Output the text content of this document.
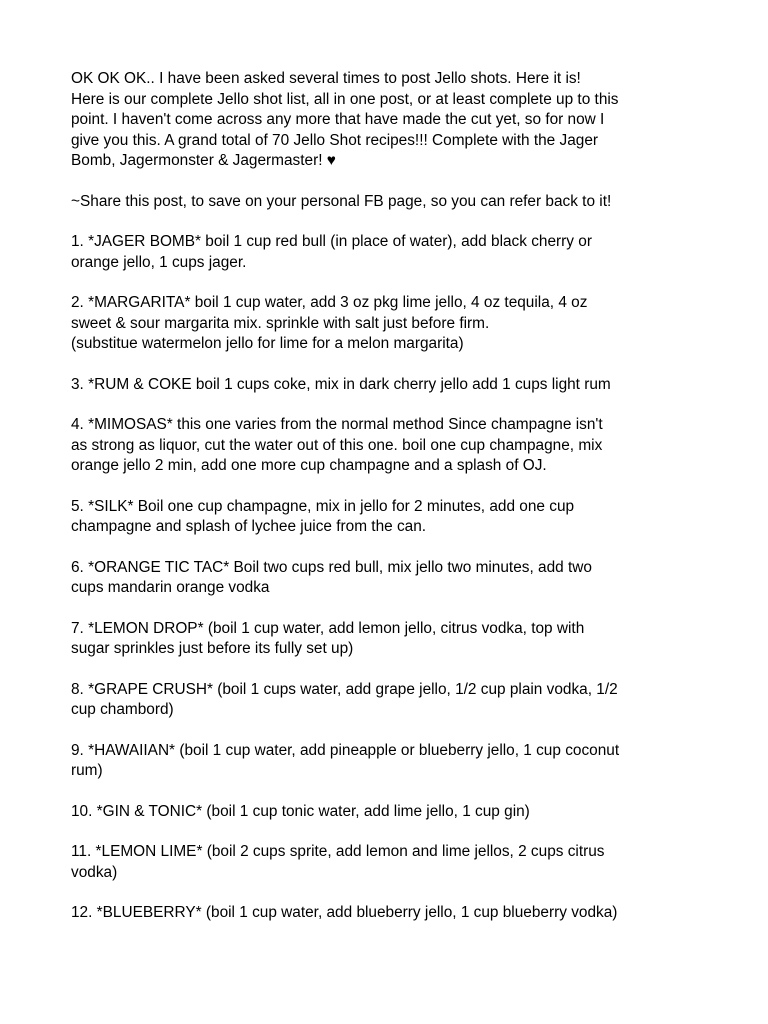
OK OK OK.. I have been asked several times to post Jello shots. Here it is!
Here is our complete Jello shot list, all in one post, or at least complete up to this
point. I haven't come across any more that have made the cut yet, so for now I
give you this. A grand total of 70 Jello Shot recipes!!! Complete with the Jager
Bomb, Jagermonster & Jagermaster! ♥

~Share this post, to save on your personal FB page, so you can refer back to it!

1. *JAGER BOMB* boil 1 cup red bull (in place of water), add black cherry or
orange jello, 1 cups jager.

2. *MARGARITA* boil 1 cup water, add 3 oz pkg lime jello, 4 oz tequila, 4 oz
sweet & sour margarita mix. sprinkle with salt just before firm.
(substitue watermelon jello for lime for a melon margarita)

3. *RUM & COKE boil 1 cups coke, mix in dark cherry jello add 1 cups light rum

4. *MIMOSAS* this one varies from the normal method Since champagne isn't
as strong as liquor, cut the water out of this one. boil one cup champagne, mix
orange jello 2 min, add one more cup champagne and a splash of OJ.

5. *SILK* Boil one cup champagne, mix in jello for 2 minutes, add one cup
champagne and splash of lychee juice from the can.

6. *ORANGE TIC TAC* Boil two cups red bull, mix jello two minutes, add two
cups mandarin orange vodka

7. *LEMON DROP* (boil 1 cup water, add lemon jello, citrus vodka, top with
sugar sprinkles just before its fully set up)

8. *GRAPE CRUSH* (boil 1 cups water, add grape jello, 1/2 cup plain vodka, 1/2
cup chambord)

9. *HAWAIIAN* (boil 1 cup water, add pineapple or blueberry jello, 1 cup coconut
rum)

10. *GIN & TONIC* (boil 1 cup tonic water, add lime jello, 1 cup gin)

11. *LEMON LIME* (boil 2 cups sprite, add lemon and lime jellos, 2 cups citrus
vodka)

12. *BLUEBERRY* (boil 1 cup water, add blueberry jello, 1 cup blueberry vodka)
